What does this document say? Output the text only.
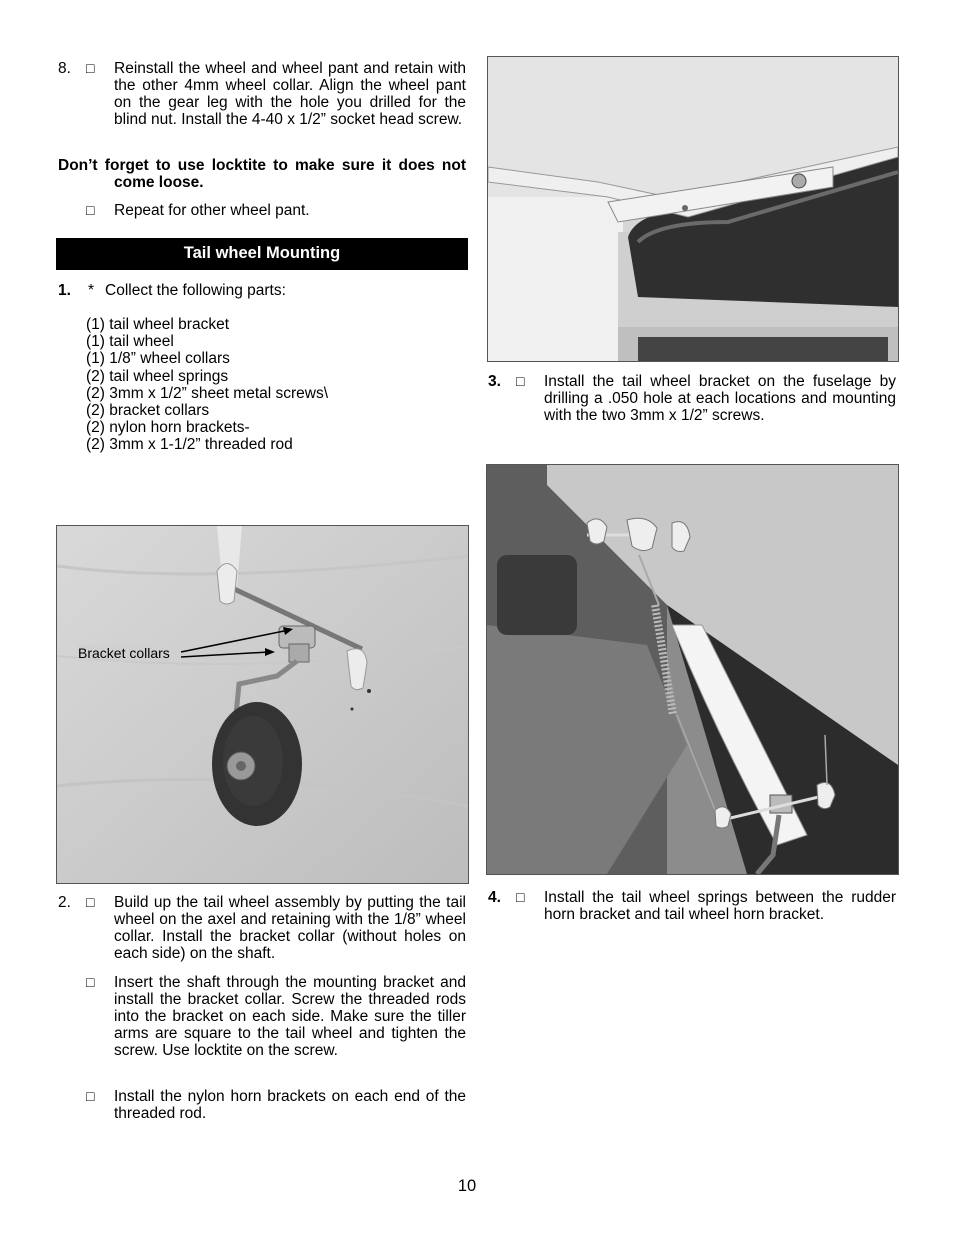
8. □ Reinstall the wheel and wheel pant and retain with the other 4mm wheel collar. Align the wheel pant on the gear leg with the hole you drilled for the blind nut. Install the 4-40 x 1/2” socket head screw.
Don’t forget to use locktite to make sure it does not come loose.
□ Repeat for other wheel pant.
Tail wheel Mounting
1. * Collect the following parts:
(1) tail wheel bracket
(1) tail wheel
(1) 1/8” wheel collars
(2) tail wheel springs
(2) 3mm x 1/2” sheet metal screws\
(2) bracket collars
(2) nylon horn brackets-
(2) 3mm x 1-1/2” threaded rod
Bracket collars
2. □ Build up the tail wheel assembly by putting the tail wheel on the axel and retaining with the 1/8” wheel collar. Install the bracket collar (without holes on each side) on the shaft.
□ Insert the shaft through the mounting bracket and install the bracket collar. Screw the threaded rods into the bracket on each side. Make sure the tiller arms are square to the tail wheel and tighten the screw. Use locktite on the screw.
□ Install the nylon horn brackets on each end of the threaded rod.
3. □ Install the tail wheel bracket on the fuselage by drilling a .050 hole at each locations and mounting with the two 3mm x 1/2” screws.
4. □ Install the tail wheel springs between the rudder horn bracket and tail wheel horn bracket.
10
